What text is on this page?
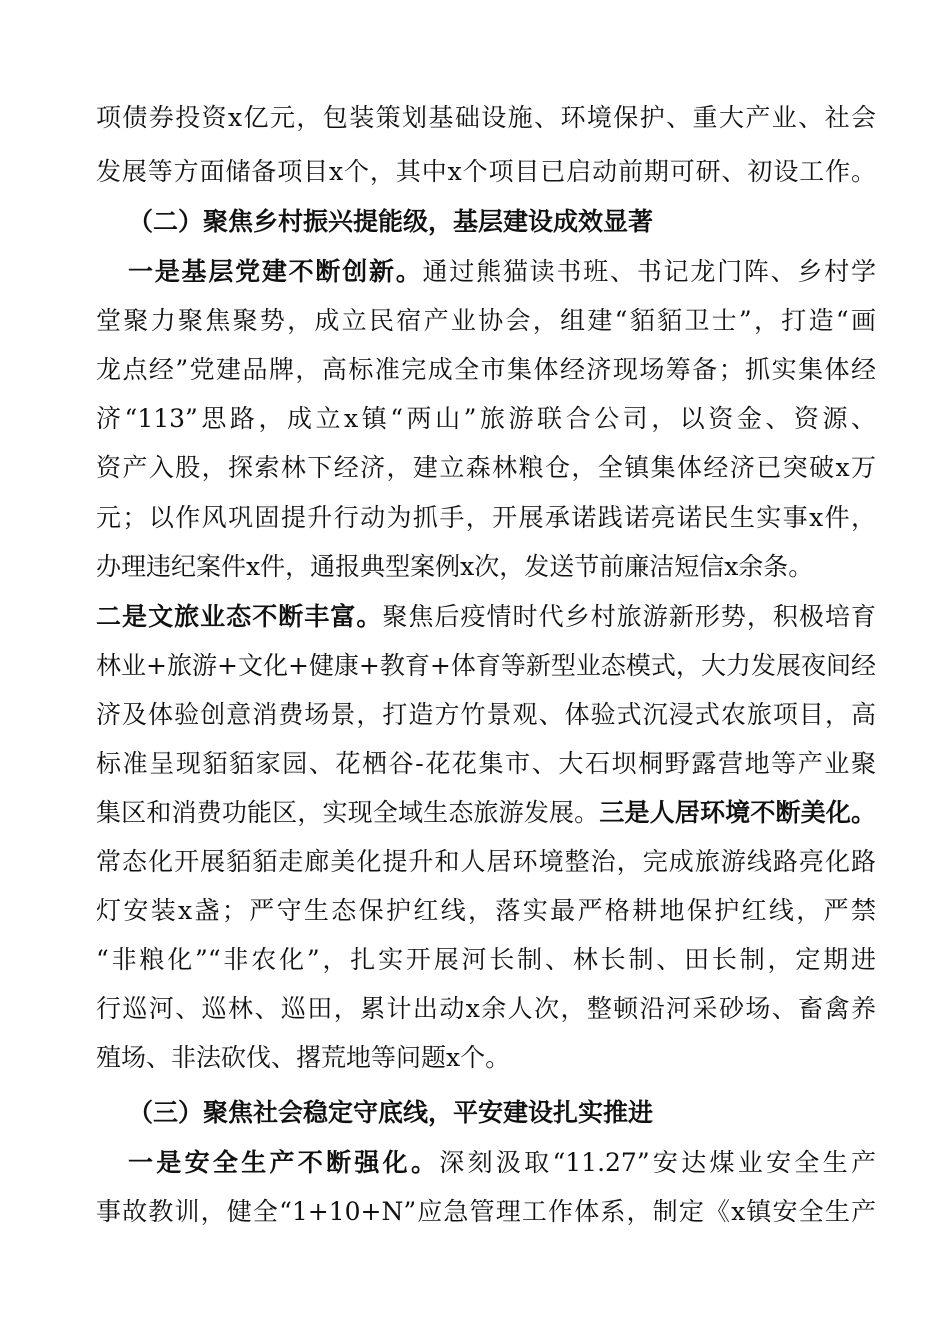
项债券投资x亿元，包装策划基础设施、环境保护、重大产业、社会
发展等方面储备项目x个，其中x个项目已启动前期可研、初设工作。
（二）聚焦乡村振兴提能级，基层建设成效显著
一是基层党建不断创新。通过熊猫读书班、书记龙门阵、乡村学
堂聚力聚焦聚势，成立民宿产业协会，组建“貊貊卫士”，打造“画
龙点经”党建品牌，高标准完成全市集体经济现场筹备；抓实集体经
济“113”思路，成立x镇“两山”旅游联合公司，以资金、资源、
资产入股，探索林下经济，建立森林粮仓，全镇集体经济已突破x万
元；以作风巩固提升行动为抓手，开展承诺践诺亮诺民生实事x件，
办理违纪案件x件，通报典型案例x次，发送节前廉洁短信x余条。
二是文旅业态不断丰富。聚焦后疫情时代乡村旅游新形势，积极培育
林业+旅游+文化+健康+教育+体育等新型业态模式，大力发展夜间经
济及体验创意消费场景，打造方竹景观、体验式沉浸式农旅项目，高
标准呈现貊貊家园、花栖谷-花花集市、大石坝桐野露营地等产业聚
集区和消费功能区，实现全域生态旅游发展。三是人居环境不断美化。
常态化开展貊貊走廊美化提升和人居环境整治，完成旅游线路亮化路
灯安装x盏；严守生态保护红线，落实最严格耕地保护红线，严禁
“非粮化”“非农化”，扎实开展河长制、林长制、田长制，定期进
行巡河、巡林、巡田，累计出动x余人次，整顿沿河采砂场、畜禽养
殖场、非法砍伐、撂荒地等问题x个。
（三）聚焦社会稳定守底线，平安建设扎实推进
一是安全生产不断强化。深刻汲取“11.27”安达煤业安全生产
事故教训，健全“1+10+N”应急管理工作体系，制定《x镇安全生产
